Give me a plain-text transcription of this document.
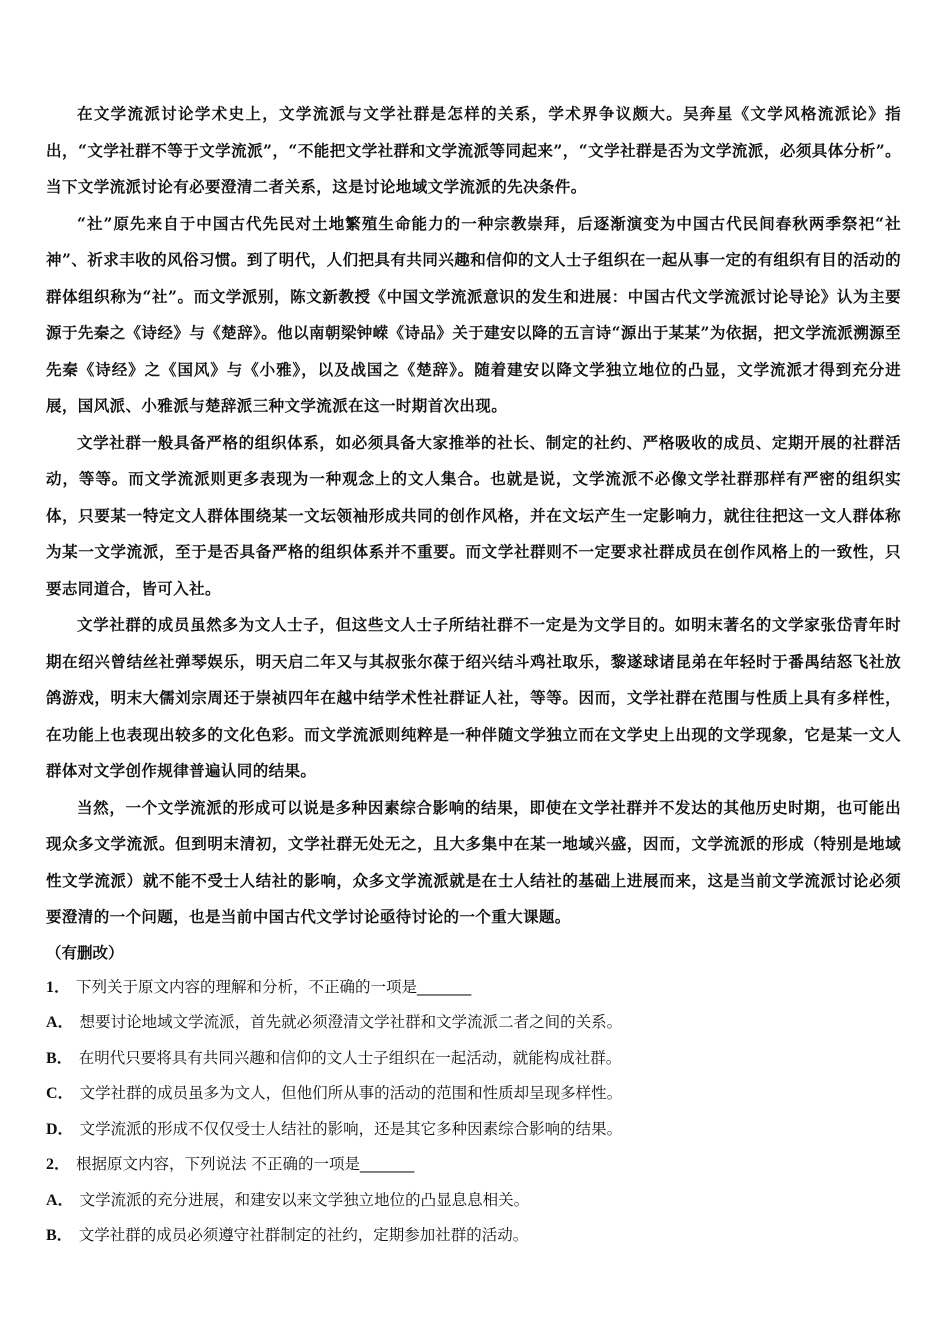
在文学流派讨论学术史上，文学流派与文学社群是怎样的关系，学术界争议颇大。吴奔星《文学风格流派论》指出，“文学社群不等于文学流派”，“不能把文学社群和文学流派等同起来”，“文学社群是否为文学流派，必须具体分析”。当下文学流派讨论有必要澄清二者关系，这是讨论地域文学流派的先决条件。

“社”原先来自于中国古代先民对土地繁殖生命能力的一种宗教崇拜，后逐渐演变为中国古代民间春秋两季祭祀“社神”、祈求丰收的风俗习惯。到了明代，人们把具有共同兴趣和信仰的文人士子组织在一起从事一定的有组织有目的活动的群体组织称为“社”。而文学派别，陈文新教授《中国文学流派意识的发生和进展：中国古代文学流派讨论导论》认为主要源于先秦之《诗经》与《楚辞》。他以南朝梁钟嵘《诗品》关于建安以降的五言诗“源出于某某”为依据，把文学流派溯源至先秦《诗经》之《国风》与《小雅》，以及战国之《楚辞》。随着建安以降文学独立地位的凸显，文学流派才得到充分进展，国风派、小雅派与楚辞派三种文学流派在这一时期首次出现。

文学社群一般具备严格的组织体系，如必须具备大家推举的社长、制定的社约、严格吸收的成员、定期开展的社群活动，等等。而文学流派则更多表现为一种观念上的文人集合。也就是说，文学流派不必像文学社群那样有严密的组织实体，只要某一特定文人群体围绕某一文坛领袖形成共同的创作风格，并在文坛产生一定影响力，就往往把这一文人群体称为某一文学流派，至于是否具备严格的组织体系并不重要。而文学社群则不一定要求社群成员在创作风格上的一致性，只要志同道合，皆可入社。

文学社群的成员虽然多为文人士子，但这些文人士子所结社群不一定是为文学目的。如明末著名的文学家张岱青年时期在绍兴曾结丝社弹琴娱乐，明天启二年又与其叔张尔葆于绍兴结斗鸡社取乐，黎遂球诸昆弟在年轻时于番禺结怒飞社放鸽游戏，明末大儒刘宗周还于崇祯四年在越中结学术性社群证人社，等等。因而，文学社群在范围与性质上具有多样性，在功能上也表现出较多的文化色彩。而文学流派则纯粹是一种伴随文学独立而在文学史上出现的文学现象，它是某一文人群体对文学创作规律普遍认同的结果。

当然，一个文学流派的形成可以说是多种因素综合影响的结果，即使在文学社群并不发达的其他历史时期，也可能出现众多文学流派。但到明末清初，文学社群无处无之，且大多集中在某一地域兴盛，因而，文学流派的形成（特别是地域性文学流派）就不能不受士人结社的影响，众多文学流派就是在士人结社的基础上进展而来，这是当前文学流派讨论必须要澄清的一个问题，也是当前中国古代文学讨论亟待讨论的一个重大课题。

（有删改）

1． 下列关于原文内容的理解和分析，不正确的一项是_______

A． 想要讨论地域文学流派，首先就必须澄清文学社群和文学流派二者之间的关系。

B． 在明代只要将具有共同兴趣和信仰的文人士子组织在一起活动，就能构成社群。

C． 文学社群的成员虽多为文人，但他们所从事的活动的范围和性质却呈现多样性。

D． 文学流派的形成不仅仅受士人结社的影响，还是其它多种因素综合影响的结果。

2． 根据原文内容，下列说法 不正确的一项是_______

A． 文学流派的充分进展，和建安以来文学独立地位的凸显息息相关。

B． 文学社群的成员必须遵守社群制定的社约，定期参加社群的活动。
